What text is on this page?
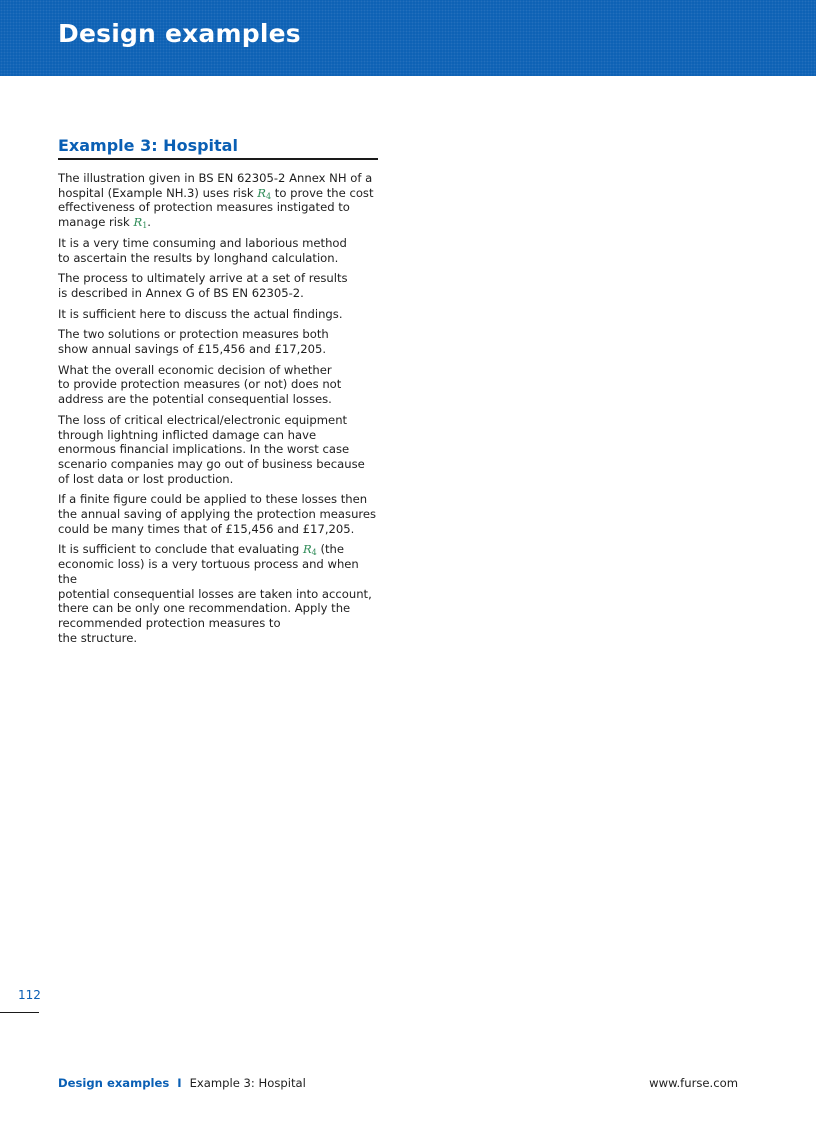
Design examples
Example 3: Hospital

The illustration given in BS EN 62305-2 Annex NH of a
hospital (Example NH.3) uses risk $R_4$ to prove the cost
effectiveness of protection measures instigated to
manage risk $R_1$.

It is a very time consuming and laborious method
to ascertain the results by longhand calculation.

The process to ultimately arrive at a set of results
is described in Annex G of BS EN 62305-2.

It is sufficient here to discuss the actual findings.

The two solutions or protection measures both
show annual savings of £15,456 and £17,205.

What the overall economic decision of whether
to provide protection measures (or not) does not
address are the potential consequential losses.

The loss of critical electrical/electronic equipment
through lightning inflicted damage can have
enormous financial implications. In the worst case
scenario companies may go out of business because
of lost data or lost production.

If a finite figure could be applied to these losses then
the annual saving of applying the protection measures
could be many times that of £15,456 and £17,205.

It is sufficient to conclude that evaluating $R_4$ (the
economic loss) is a very tortuous process and when the
potential consequential losses are taken into account,
there can be only one recommendation. Apply the
recommended protection measures to
the structure.

112

Design examples I Example 3: Hospital	www.furse.com
